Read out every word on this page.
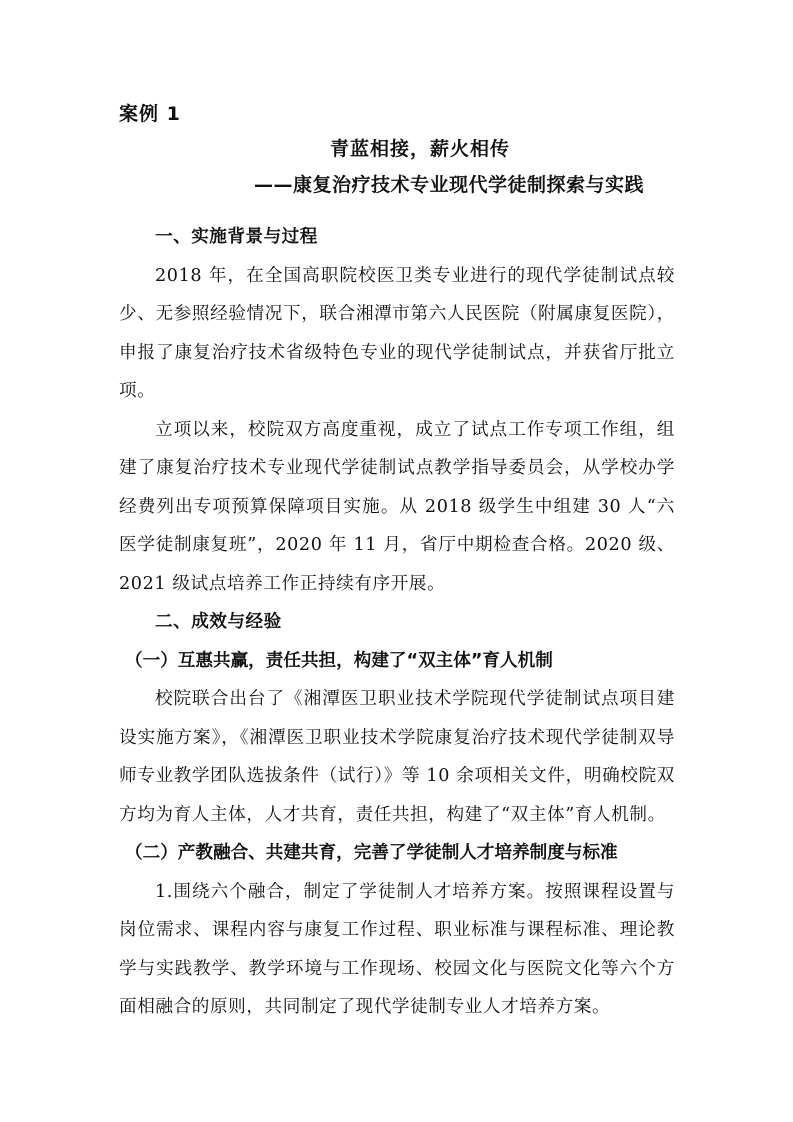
案例 1
青蓝相接，薪火相传
——康复治疗技术专业现代学徒制探索与实践
一、实施背景与过程

2018 年，在全国高职院校医卫类专业进行的现代学徒制试点较少、无参照经验情况下，联合湘潭市第六人民医院（附属康复医院），申报了康复治疗技术省级特色专业的现代学徒制试点，并获省厅批立项。

立项以来，校院双方高度重视，成立了试点工作专项工作组，组建了康复治疗技术专业现代学徒制试点教学指导委员会，从学校办学经费列出专项预算保障项目实施。从 2018 级学生中组建 30 人“六医学徒制康复班”，2020 年 11 月，省厅中期检查合格。2020 级、2021 级试点培养工作正持续有序开展。

二、成效与经验
（一）互惠共赢，责任共担，构建了“双主体”育人机制

校院联合出台了《湘潭医卫职业技术学院现代学徒制试点项目建设实施方案》，《湘潭医卫职业技术学院康复治疗技术现代学徒制双导师专业教学团队选拔条件（试行）》等 10 余项相关文件，明确校院双方均为育人主体，人才共育，责任共担，构建了“双主体”育人机制。

（二）产教融合、共建共育，完善了学徒制人才培养制度与标准

1.围绕六个融合，制定了学徒制人才培养方案。按照课程设置与岗位需求、课程内容与康复工作过程、职业标准与课程标准、理论教学与实践教学、教学环境与工作现场、校园文化与医院文化等六个方面相融合的原则，共同制定了现代学徒制专业人才培养方案。
